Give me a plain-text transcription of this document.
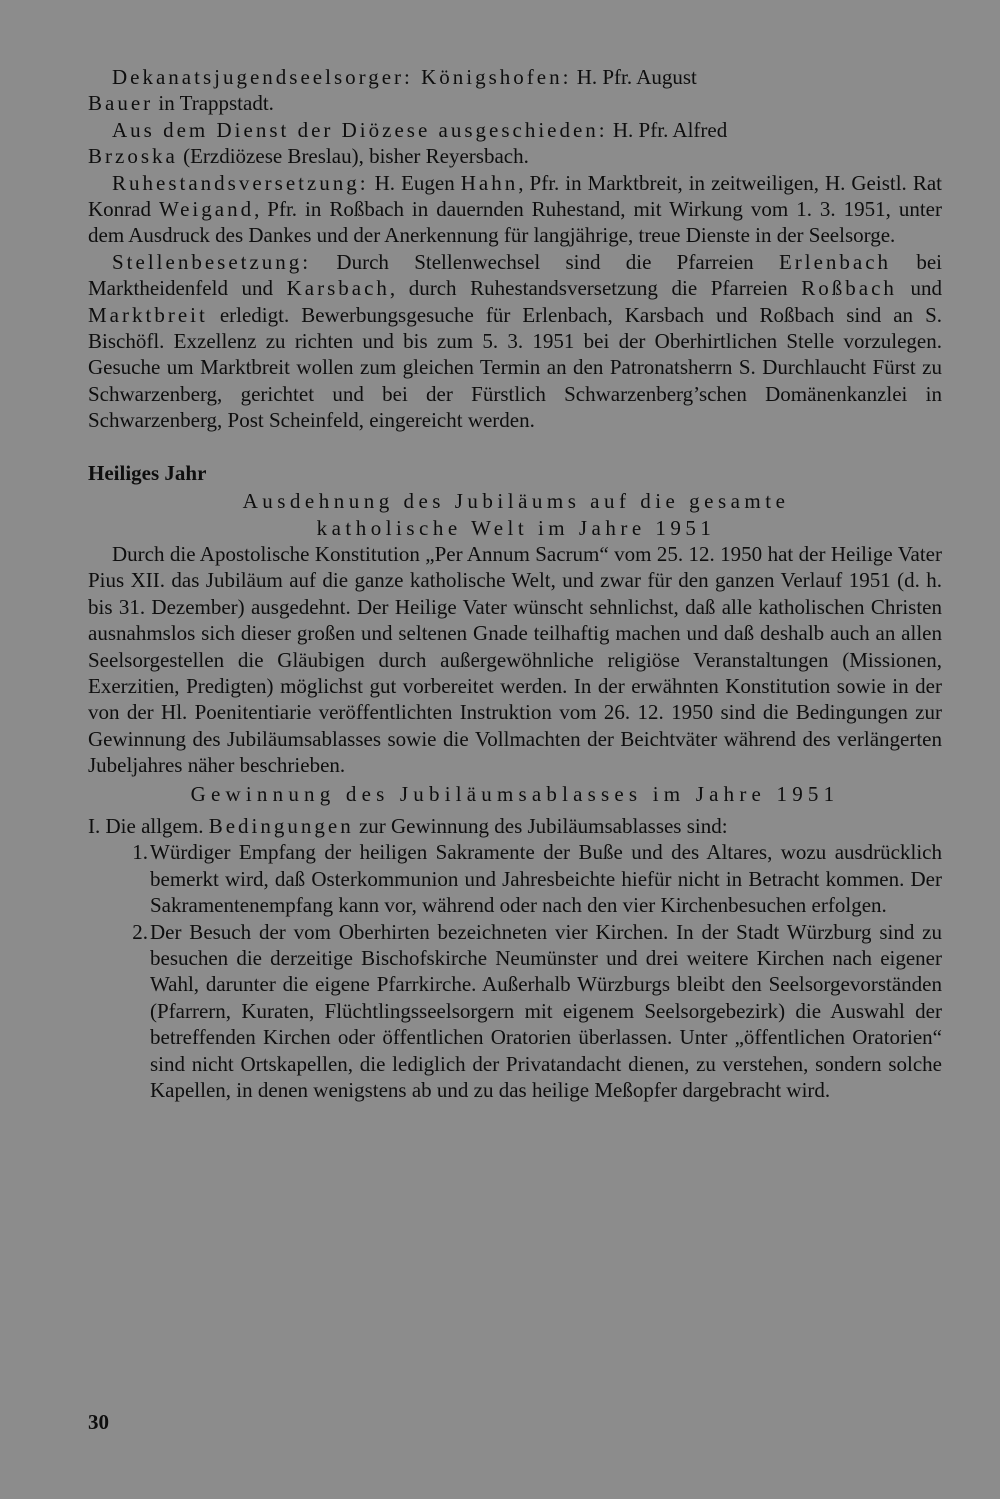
Dekanatsjugendseelsorger: Königshofen: H. Pfr. August
Bauer in Trappstadt.

Aus dem Dienst der Diözese ausgeschieden: H. Pfr. Alfred
Brzoska (Erzdiözese Breslau), bisher Reyersbach.

Ruhestandsversetzung: H. Eugen Hahn, Pfr. in Marktbreit, in zeitweiligen, H. Geistl. Rat Konrad Weigand, Pfr. in Roßbach in dauernden Ruhestand, mit Wirkung vom 1. 3. 1951, unter dem Ausdruck des Dankes und der Anerkennung für langjährige, treue Dienste in der Seelsorge.

Stellenbesetzung: Durch Stellenwechsel sind die Pfarreien Erlenbach bei Marktheidenfeld und Karsbach, durch Ruhestandsversetzung die Pfarreien Roßbach und Marktbreit erledigt. Bewerbungsgesuche für Erlenbach, Karsbach und Roßbach sind an S. Bischöfl. Exzellenz zu richten und bis zum 5. 3. 1951 bei der Oberhirtlichen Stelle vorzulegen. Gesuche um Marktbreit wollen zum gleichen Termin an den Patronatsherrn S. Durchlaucht Fürst zu Schwarzenberg, gerichtet und bei der Fürstlich Schwarzenberg’schen Domänenkanzlei in Schwarzenberg, Post Scheinfeld, eingereicht werden.

Heiliges Jahr
Ausdehnung des Jubiläums auf die gesamte
katholische Welt im Jahre 1951

Durch die Apostolische Konstitution „Per Annum Sacrum“ vom 25. 12. 1950 hat der Heilige Vater Pius XII. das Jubiläum auf die ganze katholische Welt, und zwar für den ganzen Verlauf 1951 (d. h. bis 31. Dezember) ausgedehnt. Der Heilige Vater wünscht sehnlichst, daß alle katholischen Christen ausnahmslos sich dieser großen und seltenen Gnade teilhaftig machen und daß deshalb auch an allen Seelsorgestellen die Gläubigen durch außergewöhnliche religiöse Veranstaltungen (Missionen, Exerzitien, Predigten) möglichst gut vorbereitet werden. In der erwähnten Konstitution sowie in der von der Hl. Poenitentiarie veröffentlichten Instruktion vom 26. 12. 1950 sind die Bedingungen zur Gewinnung des Jubiläumsablasses sowie die Vollmachten der Beichtväter während des verlängerten Jubeljahres näher beschrieben.

Gewinnung des Jubiläumsablasses im Jahre 1951

I. Die allgem. Bedingungen zur Gewinnung des Jubiläumsablasses sind:

1. Würdiger Empfang der heiligen Sakramente der Buße und des Altares, wozu ausdrücklich bemerkt wird, daß Osterkommunion und Jahresbeichte hiefür nicht in Betracht kommen. Der Sakramentenempfang kann vor, während oder nach den vier Kirchenbesuchen erfolgen.
2. Der Besuch der vom Oberhirten bezeichneten vier Kirchen. In der Stadt Würzburg sind zu besuchen die derzeitige Bischofskirche Neumünster und drei weitere Kirchen nach eigener Wahl, darunter die eigene Pfarrkirche. Außerhalb Würzburgs bleibt den Seelsorgevorständen (Pfarrern, Kuraten, Flüchtlingsseelsorgern mit eigenem Seelsorgebezirk) die Auswahl der betreffenden Kirchen oder öffentlichen Oratorien überlassen. Unter „öffentlichen Oratorien“ sind nicht Ortskapellen, die lediglich der Privatandacht dienen, zu verstehen, sondern solche Kapellen, in denen wenigstens ab und zu das heilige Meßopfer dargebracht wird.
30
